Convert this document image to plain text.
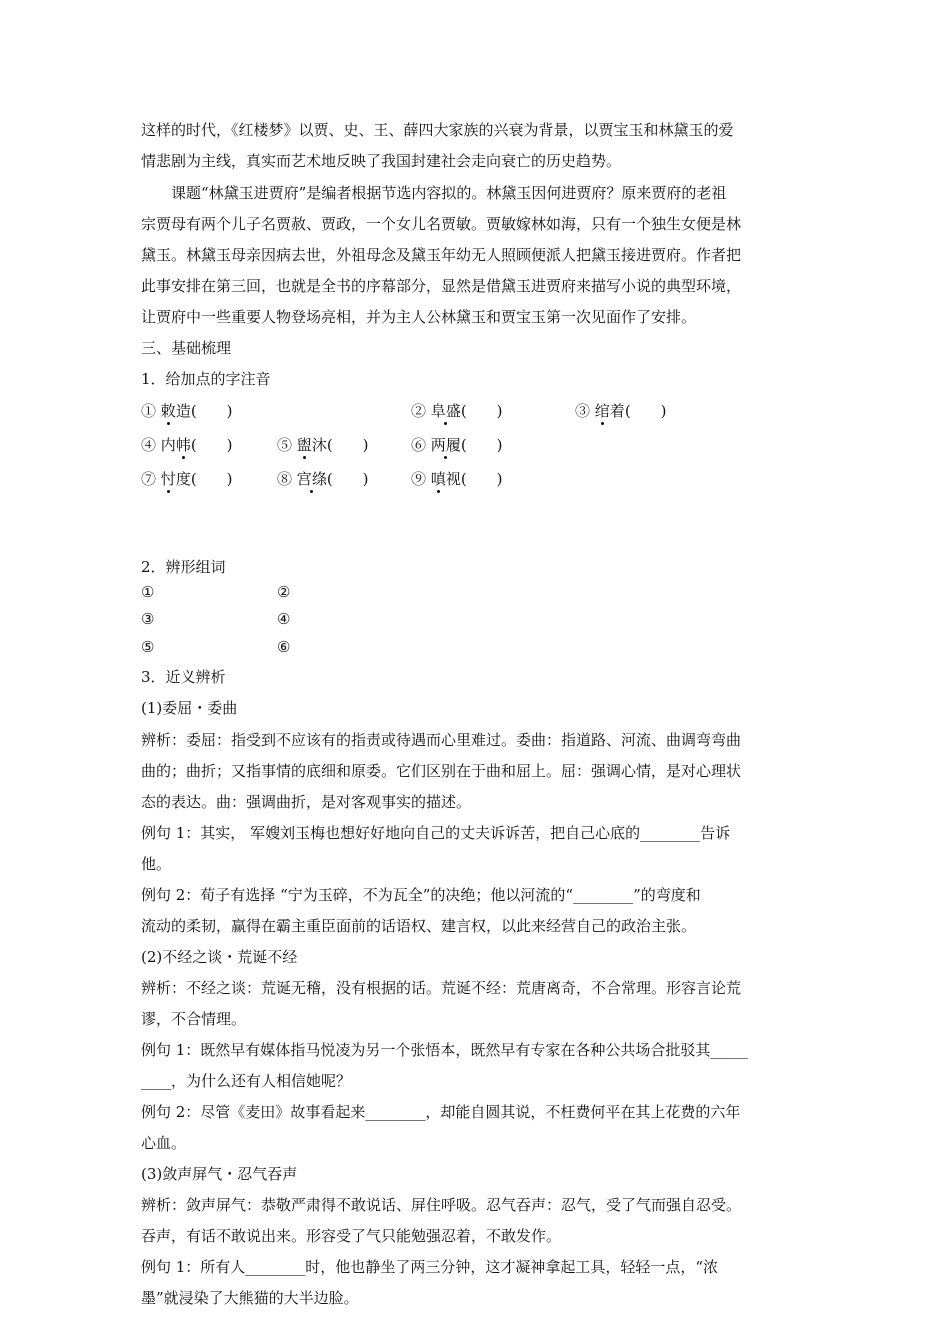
这样的时代，《红楼梦》以贾、史、王、薛四大家族的兴衰为背景，以贾宝玉和林黛玉的爱
情悲剧为主线，真实而艺术地反映了我国封建社会走向衰亡的历史趋势。
课题“林黛玉进贾府”是编者根据节选内容拟的。林黛玉因何进贾府？原来贾府的老祖
宗贾母有两个儿子名贾赦、贾政，一个女儿名贾敏。贾敏嫁林如海，只有一个独生女便是林
黛玉。林黛玉母亲因病去世，外祖母念及黛玉年幼无人照顾便派人把黛玉接进贾府。作者把
此事安排在第三回，也就是全书的序幕部分，显然是借黛玉进贾府来描写小说的典型环境，
让贾府中一些重要人物登场亮相，并为主人公林黛玉和贾宝玉第一次见面作了安排。
三、基础梳理
1．给加点的字注音
① 敕造(　　)	② 阜盛(　　)	③ 绾着(　　)
④ 内帏(　　)	⑤ 盥沐(　　)	⑥ 两履(　　)
⑦ 忖度(　　)	⑧ 宫绦(　　)	⑨ 嗔视(　　)
2．辨形组词
①	②
③	④
⑤	⑥
3．近义辨析
(1)委屈・委曲
辨析：委屈：指受到不应该有的指责或待遇而心里难过。委曲：指道路、河流、曲调弯弯曲
曲的；曲折；又指事情的底细和原委。它们区别在于曲和屈上。屈：强调心情，是对心理状
态的表达。曲：强调曲折，是对客观事实的描述。
例句 1：其实， 军嫂刘玉梅也想好好地向自己的丈夫诉诉苦，把自己心底的________告诉
他。
例句 2：荀子有选择 “宁为玉碎，不为瓦全”的决绝；他以河流的“________”的弯度和
流动的柔韧，赢得在霸主重臣面前的话语权、建言权，以此来经营自己的政治主张。
(2)不经之谈・荒诞不经
辨析：不经之谈：荒诞无稽，没有根据的话。荒诞不经：荒唐离奇，不合常理。形容言论荒
谬，不合情理。
例句 1：既然早有媒体指马悦凌为另一个张悟本，既然早有专家在各种公共场合批驳其_____
____，为什么还有人相信她呢？
例句 2：尽管《麦田》故事看起来________，却能自圆其说，不枉费何平在其上花费的六年
心血。
(3)敛声屏气・忍气吞声
辨析：敛声屏气：恭敬严肃得不敢说话、屏住呼吸。忍气吞声：忍气，受了气而强自忍受。
吞声，有话不敢说出来。形容受了气只能勉强忍着，不敢发作。
例句 1：所有人________时，他也静坐了两三分钟，这才凝神拿起工具，轻轻一点，“浓
墨”就浸染了大熊猫的大半边脸。
